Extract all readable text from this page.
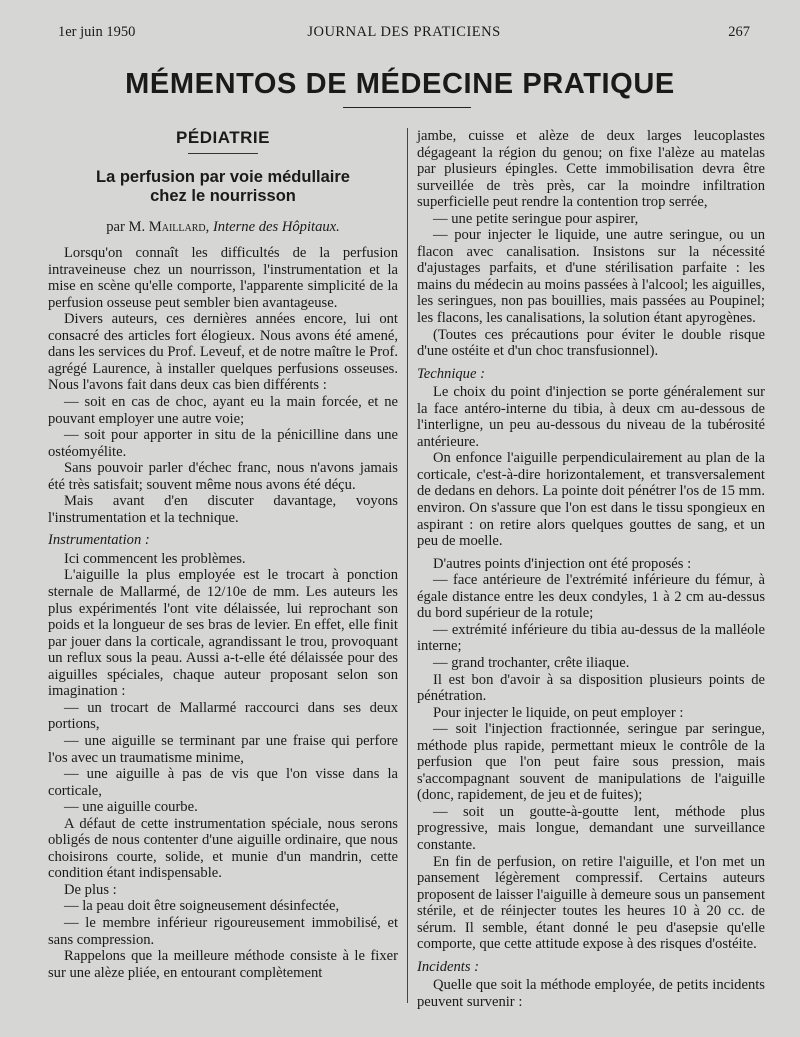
1er juin 1950	JOURNAL DES PRATICIENS	267
MÉMENTOS DE MÉDECINE PRATIQUE
PÉDIATRIE
La perfusion par voie médullaire
chez le nourrisson
par M. Maillard, Interne des Hôpitaux.

Lorsqu'on connaît les difficultés de la perfusion intraveineuse chez un nourrisson, l'instrumentation et la mise en scène qu'elle comporte, l'apparente simplicité de la perfusion osseuse peut sembler bien avantageuse.

Divers auteurs, ces dernières années encore, lui ont consacré des articles fort élogieux. Nous avons été amené, dans les services du Prof. Leveuf, et de notre maître le Prof. agrégé Laurence, à installer quelques perfusions osseuses. Nous l'avons fait dans deux cas bien différents :

— soit en cas de choc, ayant eu la main forcée, et ne pouvant employer une autre voie;

— soit pour apporter in situ de la pénicilline dans une ostéomyélite.

Sans pouvoir parler d'échec franc, nous n'avons jamais été très satisfait; souvent même nous avons été déçu.

Mais avant d'en discuter davantage, voyons l'instrumentation et la technique.

Instrumentation :

Ici commencent les problèmes.

L'aiguille la plus employée est le trocart à ponction sternale de Mallarmé, de 12/10e de mm. Les auteurs les plus expérimentés l'ont vite délaissée, lui reprochant son poids et la longueur de ses bras de levier. En effet, elle finit par jouer dans la corticale, agrandissant le trou, provoquant un reflux sous la peau. Aussi a-t-elle été délaissée pour des aiguilles spéciales, chaque auteur proposant selon son imagination :

— un trocart de Mallarmé raccourci dans ses deux portions,

— une aiguille se terminant par une fraise qui perfore l'os avec un traumatisme minime,

— une aiguille à pas de vis que l'on visse dans la corticale,

— une aiguille courbe.

A défaut de cette instrumentation spéciale, nous serons obligés de nous contenter d'une aiguille ordinaire, que nous choisirons courte, solide, et munie d'un mandrin, cette condition étant indispensable.

De plus :

— la peau doit être soigneusement désinfectée,

— le membre inférieur rigoureusement immobilisé, et sans compression.

Rappelons que la meilleure méthode consiste à le fixer sur une alèze pliée, en entourant complètement

jambe, cuisse et alèze de deux larges leucoplastes dégageant la région du genou; on fixe l'alèze au matelas par plusieurs épingles. Cette immobilisation devra être surveillée de très près, car la moindre infiltration superficielle peut rendre la contention trop serrée,

— une petite seringue pour aspirer,

— pour injecter le liquide, une autre seringue, ou un flacon avec canalisation. Insistons sur la nécessité d'ajustages parfaits, et d'une stérilisation parfaite : les mains du médecin au moins passées à l'alcool; les aiguilles, les seringues, non pas bouillies, mais passées au Poupinel; les flacons, les canalisations, la solution étant apyrogènes.

(Toutes ces précautions pour éviter le double risque d'une ostéite et d'un choc transfusionnel).

Technique :

Le choix du point d'injection se porte généralement sur la face antéro-interne du tibia, à deux cm au-dessous de l'interligne, un peu au-dessous du niveau de la tubérosité antérieure.

On enfonce l'aiguille perpendiculairement au plan de la corticale, c'est-à-dire horizontalement, et transversalement de dedans en dehors. La pointe doit pénétrer l'os de 15 mm. environ. On s'assure que l'on est dans le tissu spongieux en aspirant : on retire alors quelques gouttes de sang, et un peu de moelle.

D'autres points d'injection ont été proposés :

— face antérieure de l'extrémité inférieure du fémur, à égale distance entre les deux condyles, 1 à 2 cm au-dessus du bord supérieur de la rotule;

— extrémité inférieure du tibia au-dessus de la malléole interne;

— grand trochanter, crête iliaque.

Il est bon d'avoir à sa disposition plusieurs points de pénétration.

Pour injecter le liquide, on peut employer :

— soit l'injection fractionnée, seringue par seringue, méthode plus rapide, permettant mieux le contrôle de la perfusion que l'on peut faire sous pression, mais s'accompagnant souvent de manipulations de l'aiguille (donc, rapidement, de jeu et de fuites);

— soit un goutte-à-goutte lent, méthode plus progressive, mais longue, demandant une surveillance constante.

En fin de perfusion, on retire l'aiguille, et l'on met un pansement légèrement compressif. Certains auteurs proposent de laisser l'aiguille à demeure sous un pansement stérile, et de réinjecter toutes les heures 10 à 20 cc. de sérum. Il semble, étant donné le peu d'asepsie qu'elle comporte, que cette attitude expose à des risques d'ostéite.

Incidents :

Quelle que soit la méthode employée, de petits incidents peuvent survenir :
